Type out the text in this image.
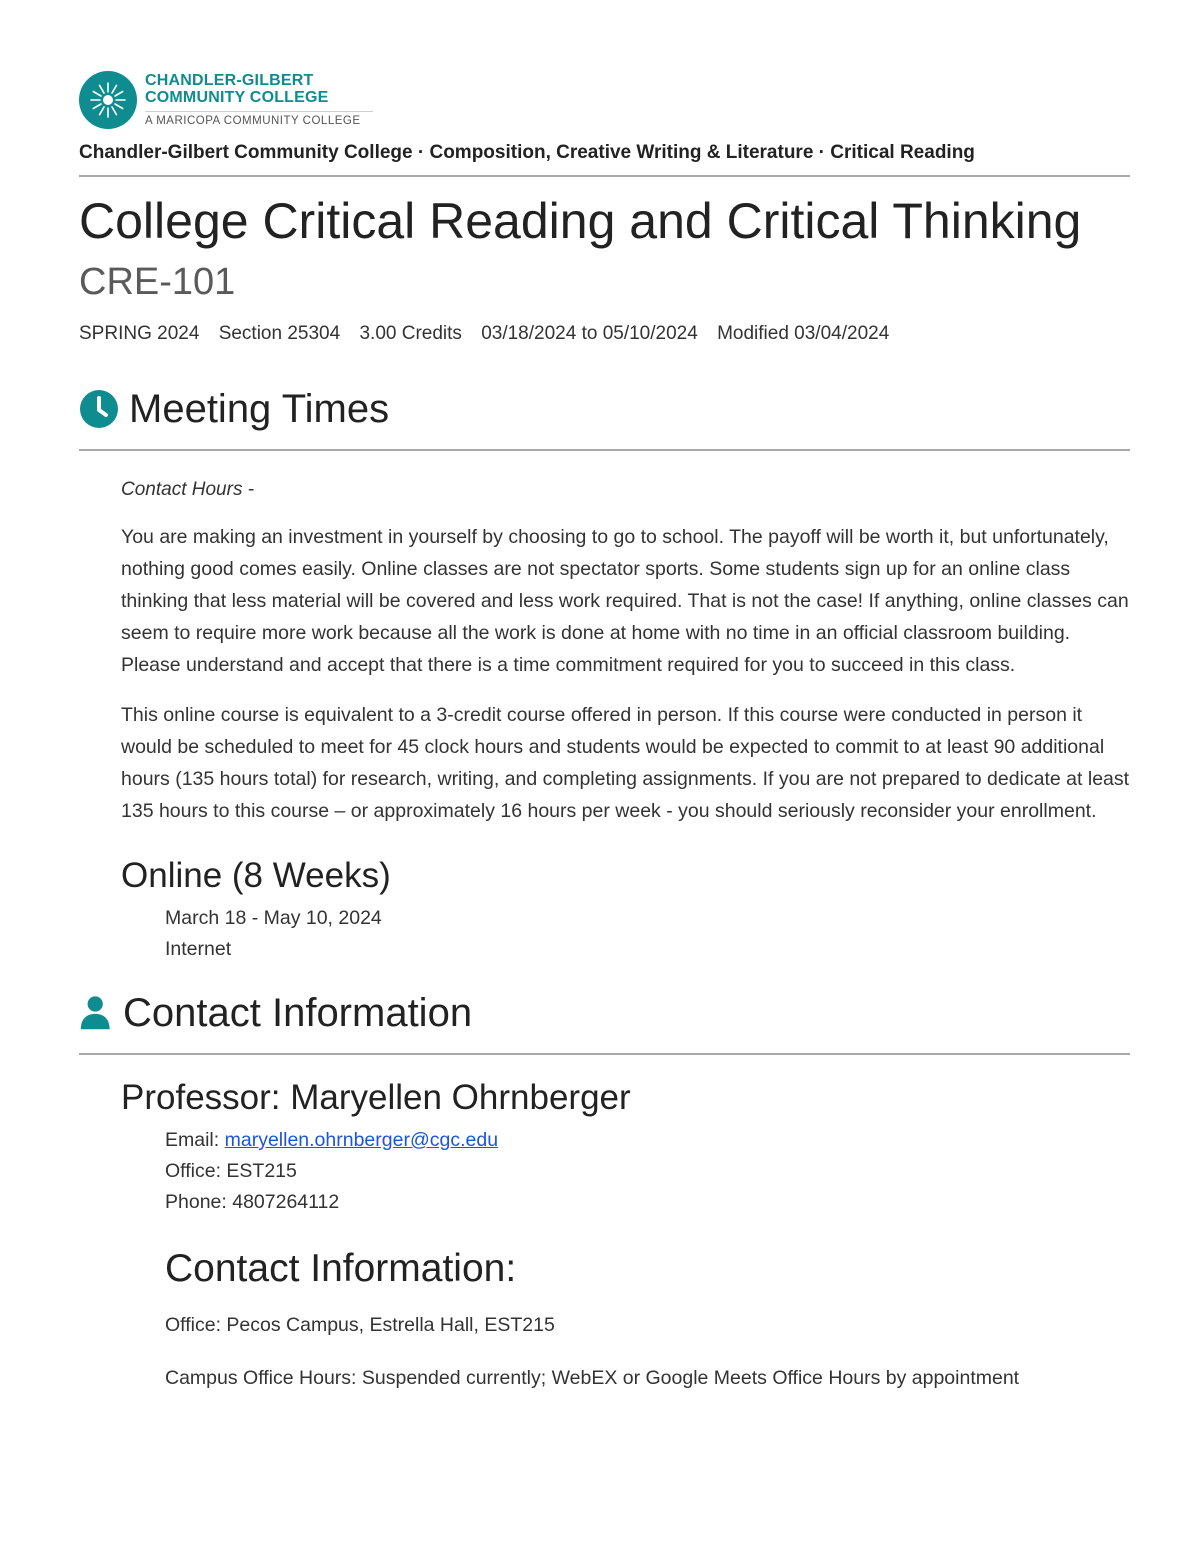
CHANDLER-GILBERT
COMMUNITY COLLEGE
A MARICOPA COMMUNITY COLLEGE
Chandler-Gilbert Community College · Composition, Creative Writing & Literature · Critical Reading
College Critical Reading and Critical Thinking
CRE-101
SPRING 2024 Section 25304 3.00 Credits 03/18/2024 to 05/10/2024 Modified 03/04/2024
Meeting Times
Contact Hours -

You are making an investment in yourself by choosing to go to school. The payoff will be worth it, but unfortunately, nothing good comes easily. Online classes are not spectator sports. Some students sign up for an online class thinking that less material will be covered and less work required. That is not the case! If anything, online classes can seem to require more work because all the work is done at home with no time in an official classroom building. Please understand and accept that there is a time commitment required for you to succeed in this class.

This online course is equivalent to a 3-credit course offered in person. If this course were conducted in person it would be scheduled to meet for 45 clock hours and students would be expected to commit to at least 90 additional hours (135 hours total) for research, writing, and completing assignments. If you are not prepared to dedicate at least 135 hours to this course – or approximately 16 hours per week - you should seriously reconsider your enrollment.

Online (8 Weeks)
March 18 - May 10, 2024
Internet
Contact Information
Professor: Maryellen Ohrnberger
Email: maryellen.ohrnberger@cgc.edu
Office: EST215
Phone: 4807264112
Contact Information:
Office: Pecos Campus, Estrella Hall, EST215
Campus Office Hours: Suspended currently; WebEX or Google Meets Office Hours by appointment
